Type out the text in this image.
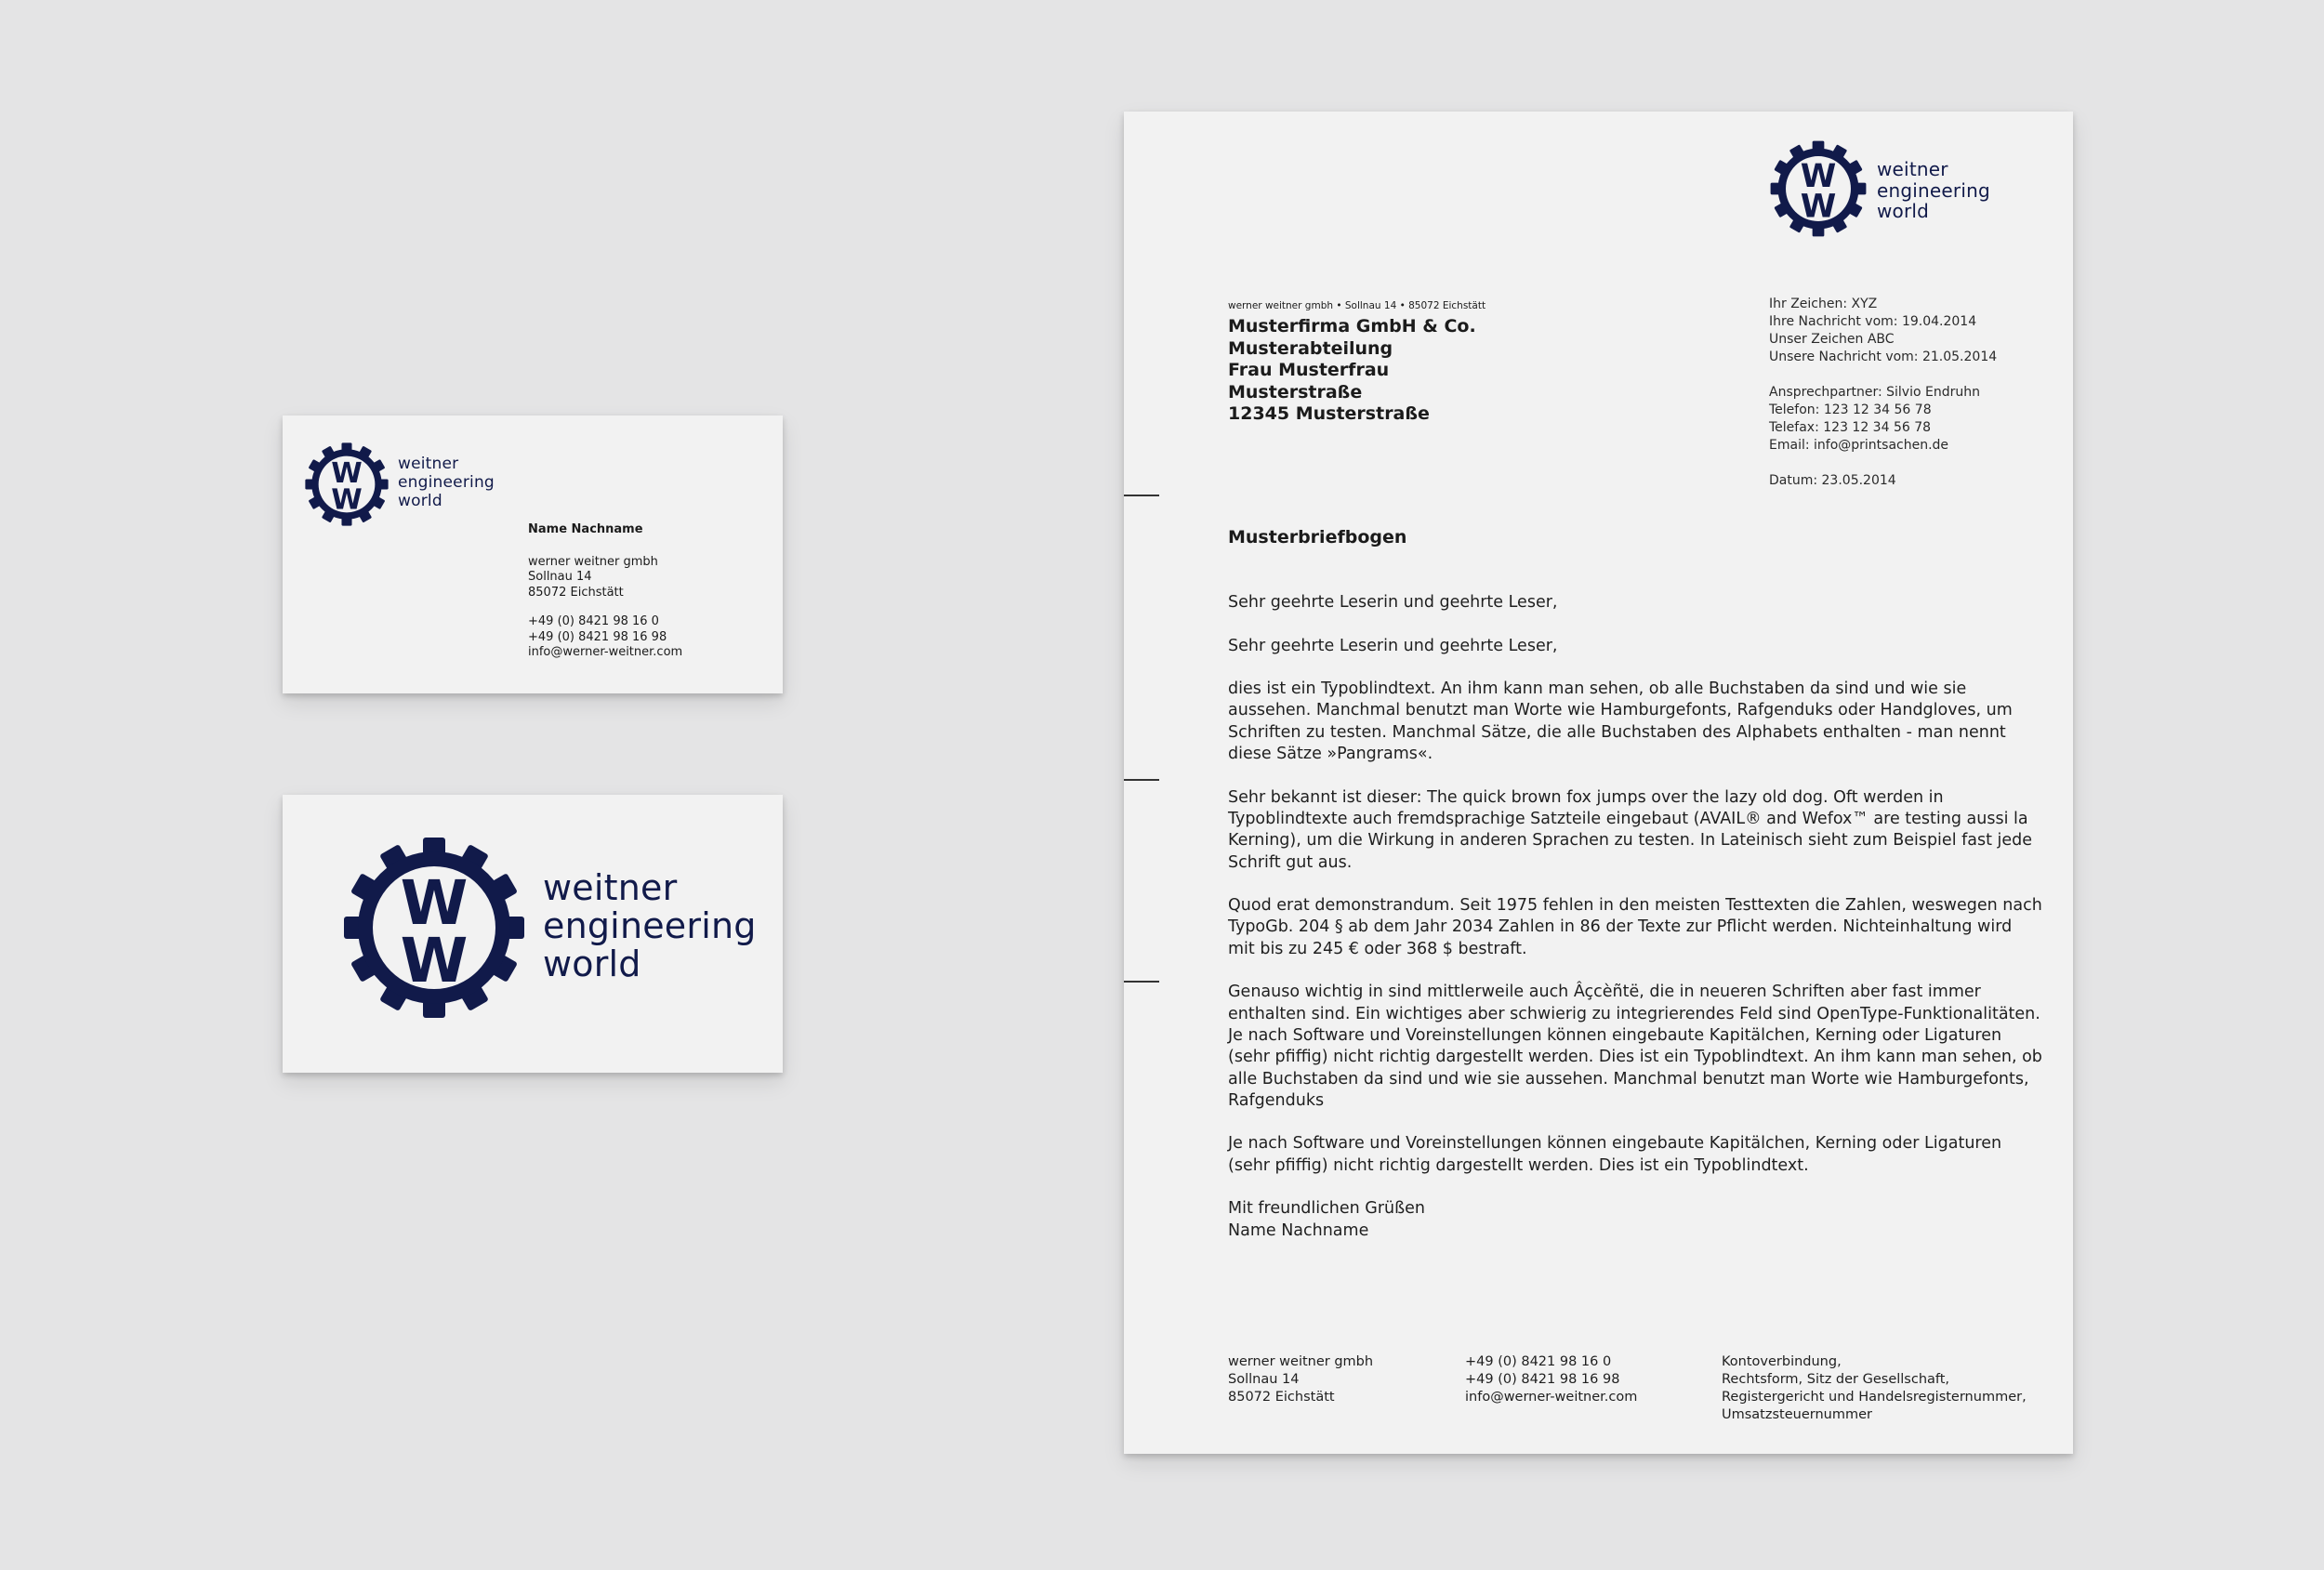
W
W
weitner
engineering
world
Name Nachname
werner weitner gmbh
Sollnau 14
85072 Eichstätt
+49 (0) 8421 98 16 0
+49 (0) 8421 98 16 98
info@werner-weitner.com
W
W
weitner
engineering
world
W
W
weitner
engineering
world
werner weitner gmbh • Sollnau 14 • 85072 Eichstätt
Musterfirma GmbH & Co.
Musterabteilung
Frau Musterfrau
Musterstraße
12345 Musterstraße
Ihr Zeichen: XYZ
Ihre Nachricht vom: 19.04.2014
Unser Zeichen ABC
Unsere Nachricht vom: 21.05.2014
Ansprechpartner: Silvio Endruhn
Telefon: 123 12 34 56 78
Telefax: 123 12 34 56 78
Email: info@printsachen.de
Datum: 23.05.2014
Musterbriefbogen

Sehr geehrte Leserin und geehrte Leser,

Sehr geehrte Leserin und geehrte Leser,

dies ist ein Typoblindtext. An ihm kann man sehen, ob alle Buchstaben da sind und wie sie aussehen. Manchmal benutzt man Worte wie Hamburgefonts, Rafgenduks oder Handgloves, um Schriften zu testen. Manchmal Sätze, die alle Buchstaben des Alphabets enthalten - man nennt diese Sätze »Pangrams«.

Sehr bekannt ist dieser: The quick brown fox jumps over the lazy old dog. Oft werden in Typoblindtexte auch fremdsprachige Satzteile eingebaut (AVAIL® and Wefox™ are testing aussi la Kerning), um die Wirkung in anderen Sprachen zu testen. In Lateinisch sieht zum Beispiel fast jede Schrift gut aus.

Quod erat demonstrandum. Seit 1975 fehlen in den meisten Testtexten die Zahlen, weswegen nach TypoGb. 204 § ab dem Jahr 2034 Zahlen in 86 der Texte zur Pflicht werden. Nichteinhaltung wird mit bis zu 245 € oder 368 $ bestraft.

Genauso wichtig in sind mittlerweile auch Âçcèñtë, die in neueren Schriften aber fast immer enthalten sind. Ein wichtiges aber schwierig zu integrierendes Feld sind OpenType-Funktionalitäten. Je nach Software und Voreinstellungen können eingebaute Kapitälchen, Kerning oder Ligaturen (sehr pfiffig) nicht richtig dargestellt werden. Dies ist ein Typoblindtext. An ihm kann man sehen, ob alle Buchstaben da sind und wie sie aussehen. Manchmal benutzt man Worte wie Hamburgefonts, Rafgenduks

Je nach Software und Voreinstellungen können eingebaute Kapitälchen, Kerning oder Ligaturen (sehr pfiffig) nicht richtig dargestellt werden. Dies ist ein Typoblindtext.

Mit freundlichen Grüßen
Name Nachname

werner weitner gmbh
Sollnau 14
85072 Eichstätt
+49 (0) 8421 98 16 0
+49 (0) 8421 98 16 98
info@werner-weitner.com
Kontoverbindung,
Rechtsform, Sitz der Gesellschaft,
Registergericht und Handelsregisternummer,
Umsatzsteuernummer
